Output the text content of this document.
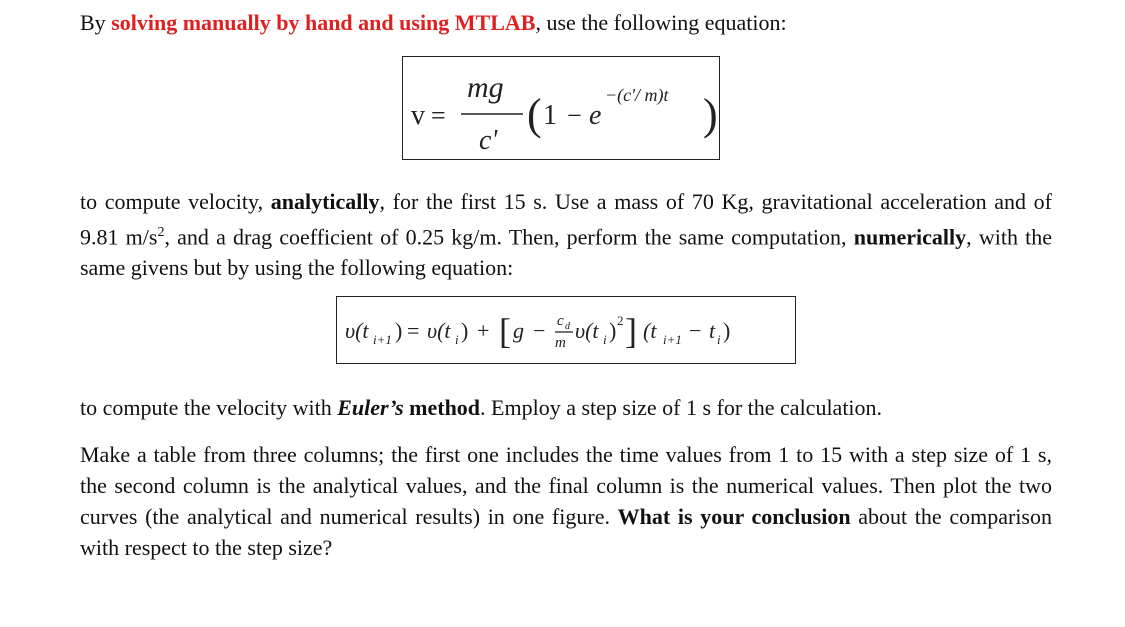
By solving manually by hand and using MTLAB, use the following equation:

v =
mg
c'
( 1 − e
−(c'/ m)t )

to compute velocity, analytically, for the first 15 s. Use a mass of 70 Kg, gravitational acceleration and of 9.81 $m/s^2$, and a drag coefficient of 0.25 kg/m. Then, perform the same computation, numerically, with the same givens but by using the following equation:

υ(t i+1 ) = υ(t i ) + [ g − c d
m υ(t i ) 2 ] (t i+1 − t i )

to compute the velocity with Euler’s method. Employ a step size of 1 s for the calculation.

Make a table from three columns; the first one includes the time values from 1 to 15 with a step size of 1 s, the second column is the analytical values, and the final column is the numerical values. Then plot the two curves (the analytical and numerical results) in one figure. What is your conclusion about the comparison with respect to the step size?
